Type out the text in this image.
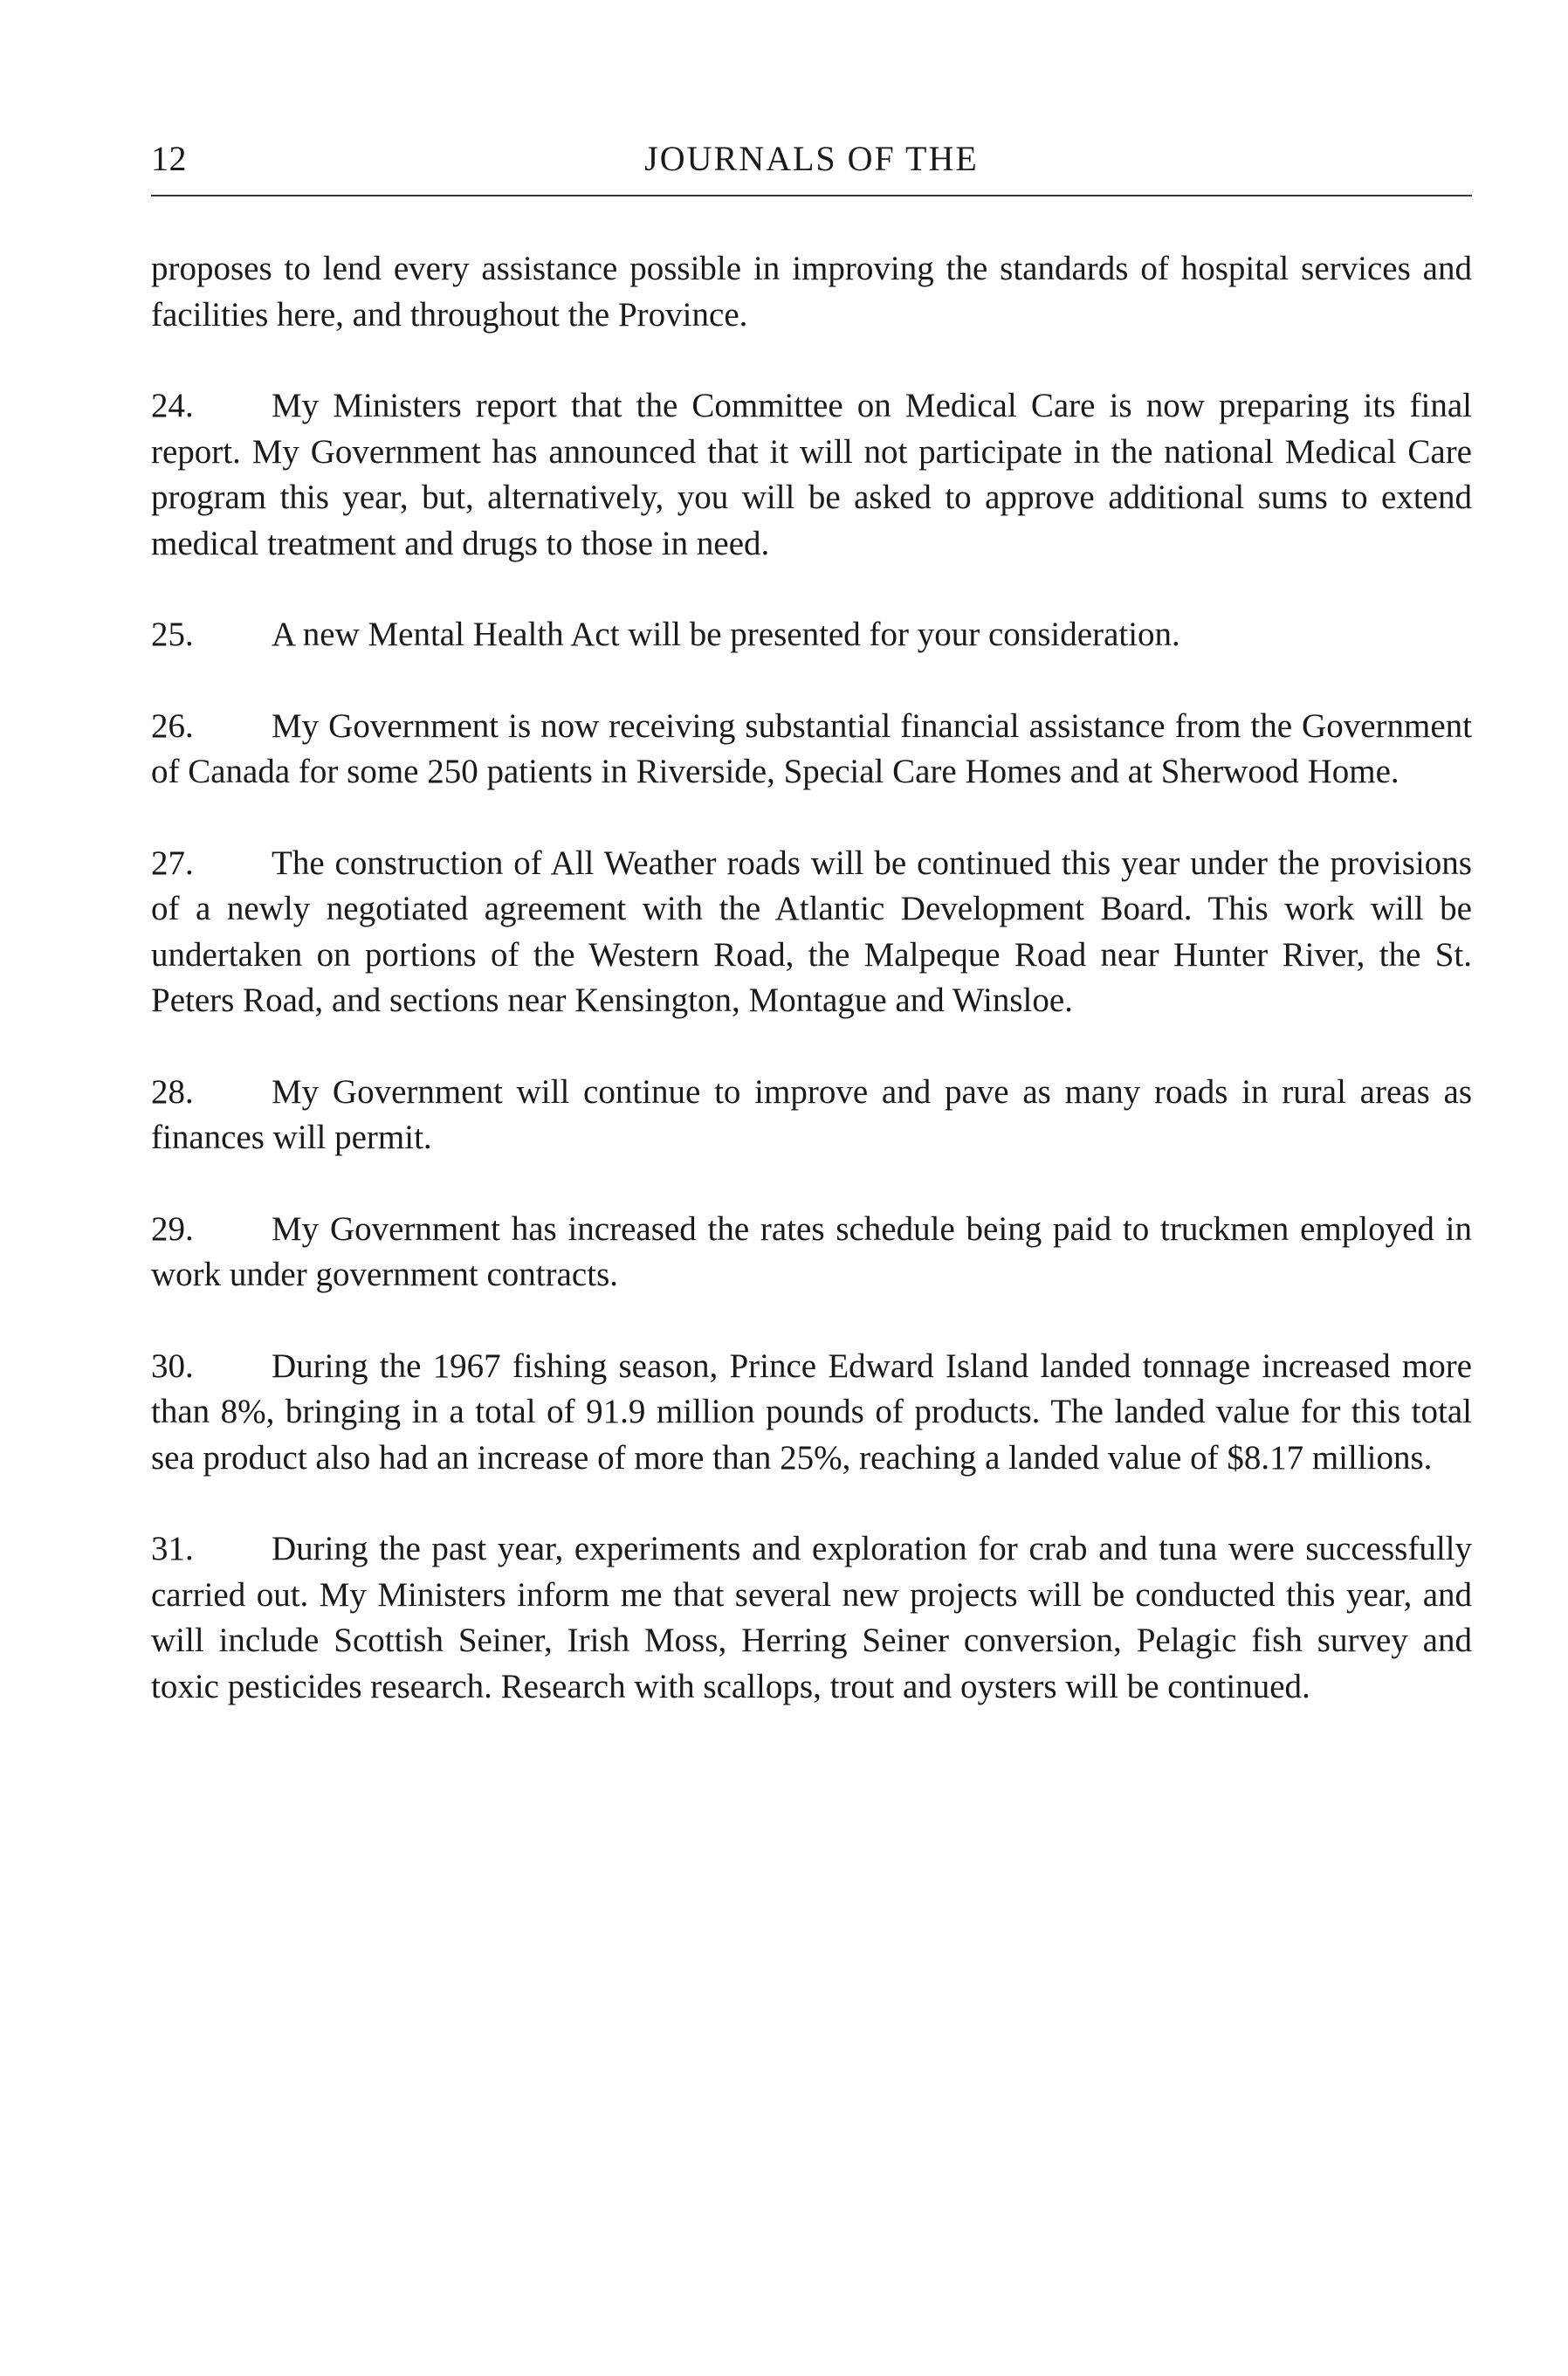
12	JOURNALS OF THE

proposes to lend every assistance possible in improving the standards of hospital services and facilities here, and throughout the Province.

24. My Ministers report that the Committee on Medical Care is now preparing its final report. My Government has announced that it will not participate in the national Medical Care program this year, but, alternatively, you will be asked to approve additional sums to extend medical treatment and drugs to those in need.

25. A new Mental Health Act will be presented for your consideration.

26. My Government is now receiving substantial financial assistance from the Government of Canada for some 250 patients in Riverside, Special Care Homes and at Sherwood Home.

27. The construction of All Weather roads will be continued this year under the provisions of a newly negotiated agreement with the Atlantic Development Board. This work will be undertaken on portions of the Western Road, the Malpeque Road near Hunter River, the St. Peters Road, and sections near Kensington, Montague and Winsloe.

28. My Government will continue to improve and pave as many roads in rural areas as finances will permit.

29. My Government has increased the rates schedule being paid to truckmen employed in work under government contracts.

30. During the 1967 fishing season, Prince Edward Island landed tonnage increased more than 8%, bringing in a total of 91.9 million pounds of products. The landed value for this total sea product also had an increase of more than 25%, reaching a landed value of $8.17 millions.

31. During the past year, experiments and exploration for crab and tuna were successfully carried out. My Ministers inform me that several new projects will be conducted this year, and will include Scottish Seiner, Irish Moss, Herring Seiner conversion, Pelagic fish survey and toxic pesticides research. Research with scallops, trout and oysters will be continued.
